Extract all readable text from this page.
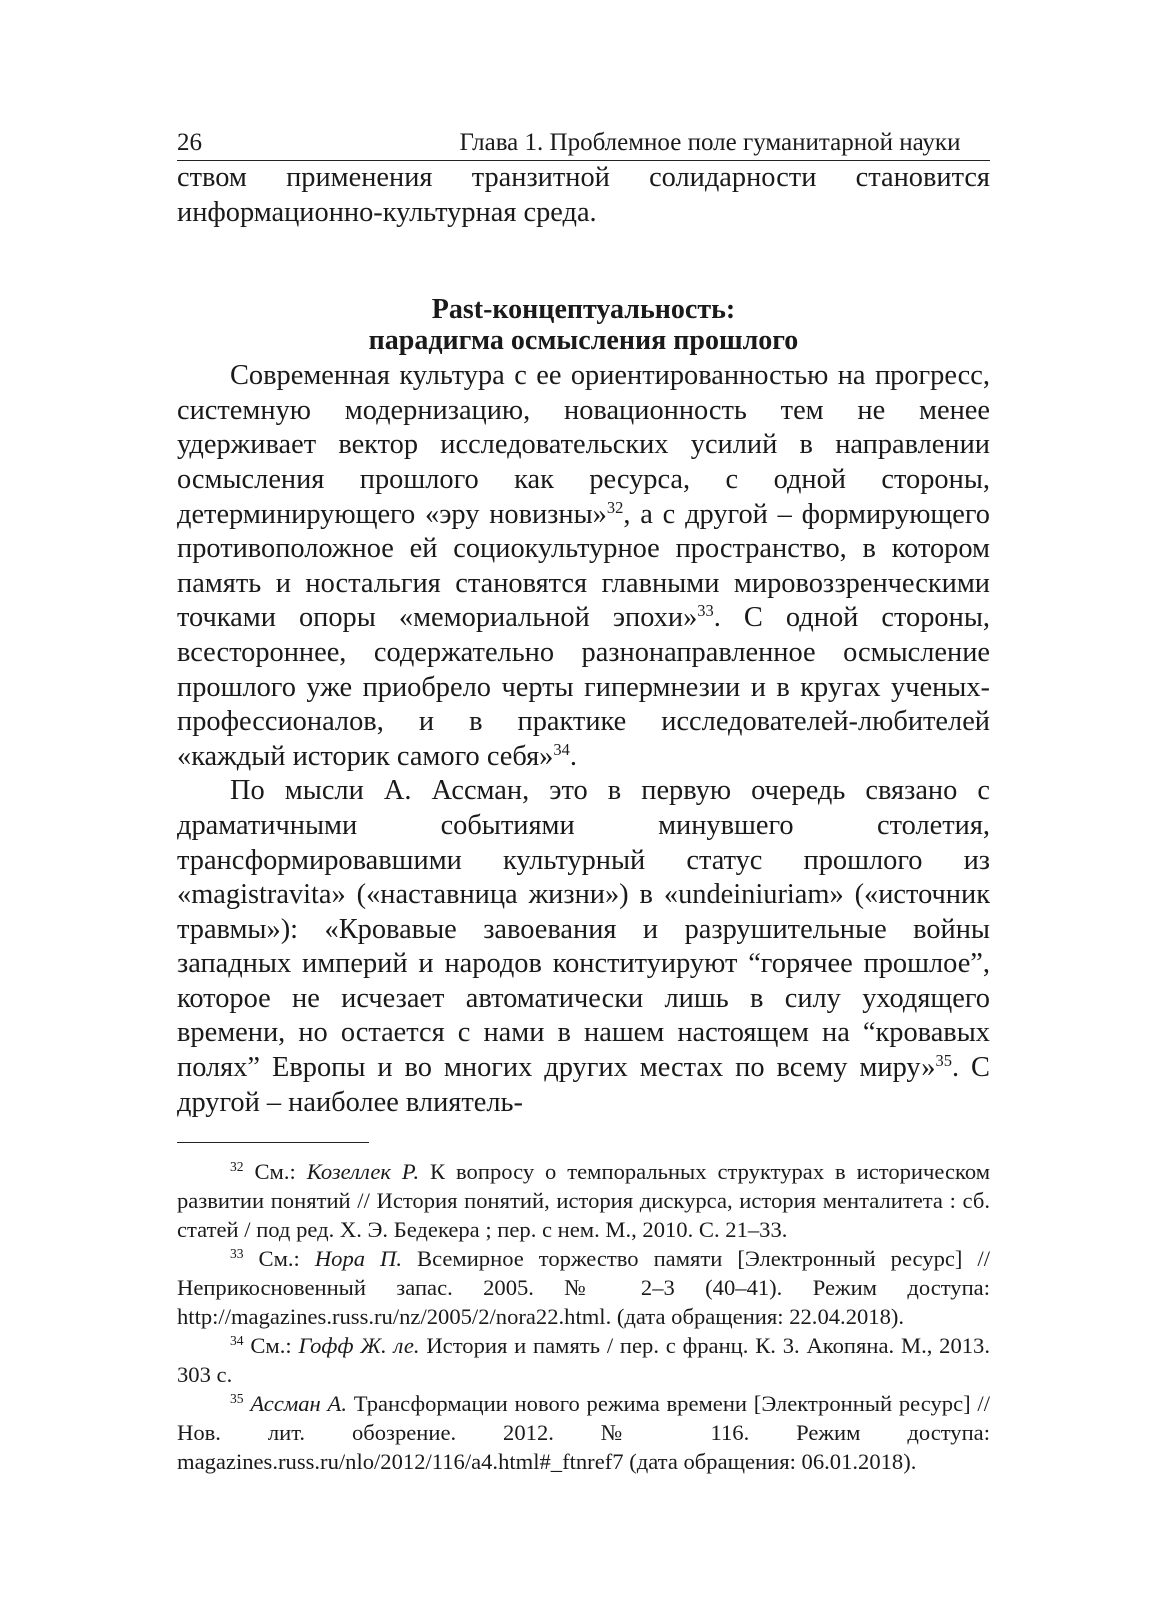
26	Глава 1. Проблемное поле гуманитарной науки

ством применения транзитной солидарности становится информационно-культурная среда.

Past-концептуальность:
парадигма осмысления прошлого

Современная культура с ее ориентированностью на прогресс, системную модернизацию, новационность тем не менее удерживает вектор исследовательских усилий в направлении осмысления прошлого как ресурса, с одной стороны, детерминирующего «эру новизны»$^{32}$, а с другой – формирующего противоположное ей социокультурное пространство, в котором память и ностальгия становятся главными мировоззренческими точками опоры «мемориальной эпохи»$^{33}$. С одной стороны, всестороннее, содержательно разнонаправленное осмысление прошлого уже приобрело черты гипермнезии и в кругах ученых-профессионалов, и в практике исследователей-любителей «каждый историк самого себя»$^{34}$.

По мысли А. Ассман, это в первую очередь связано с драматичными событиями минувшего столетия, трансформировавшими культурный статус прошлого из «magistravita» («наставница жизни») в «undeiniuriam» («источник травмы»): «Кровавые завоевания и разрушительные войны западных империй и народов конституируют “горячее прошлое”, которое не исчезает автоматически лишь в силу уходящего времени, но остается с нами в нашем настоящем на “кровавых полях” Европы и во многих других местах по всему миру»$^{35}$. С другой – наиболее влиятель-

$^{32}$ См.: Козеллек Р. К вопросу о темпоральных структурах в историческом развитии понятий // История понятий, история дискурса, история менталитета : сб. статей / под ред. Х. Э. Бедекера ; пер. с нем. М., 2010. С. 21–33.

$^{33}$ См.: Нора П. Всемирное торжество памяти [Электронный ресурс] // Неприкосновенный запас. 2005. № 2–3 (40–41). Режим доступа: http://magazines.russ.ru/nz/2005/2/nora22.html. (дата обращения: 22.04.2018).

$^{34}$ См.: Гофф Ж. ле. История и память / пер. с франц. К. 3. Акопяна. М., 2013. 303 с.

$^{35}$ Ассман А. Трансформации нового режима времени [Электронный ресурс] // Нов. лит. обозрение. 2012. № 116. Режим доступа: magazines.russ.ru/nlo/2012/116/a4.html#_ftnref7 (дата обращения: 06.01.2018).
